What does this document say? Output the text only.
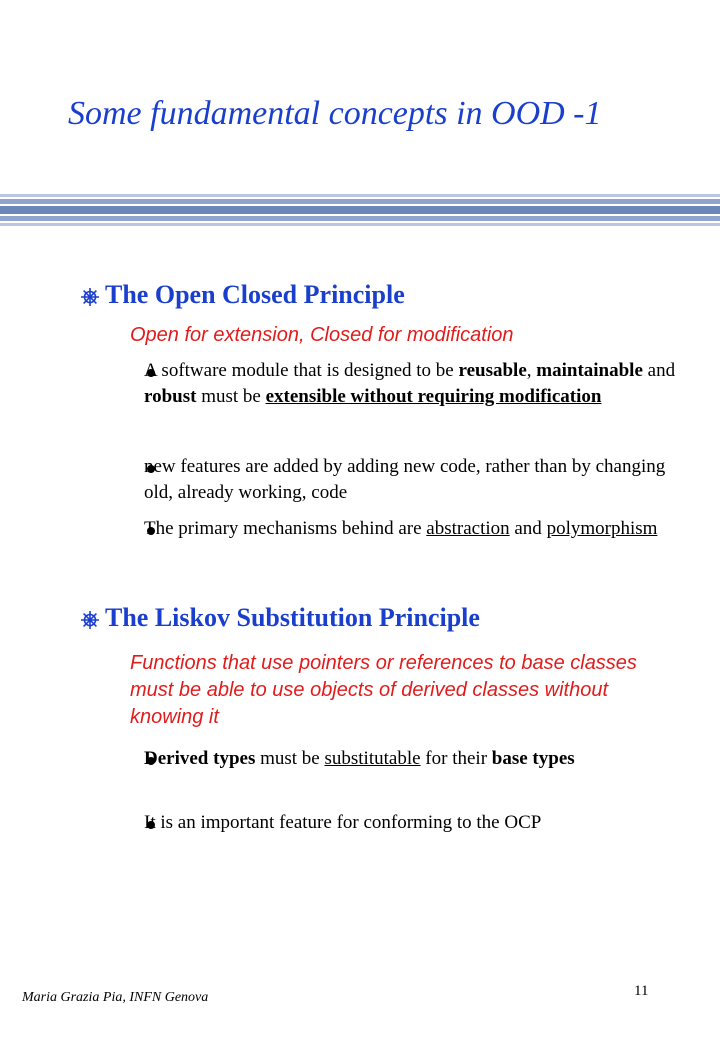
Some fundamental concepts in OOD -1
The Open Closed Principle
Open for extension, Closed for modification
A software module that is designed to be reusable, maintainable and robust must be extensible without requiring modification
new features are added by adding new code, rather than by changing old, already working, code
The primary mechanisms behind are abstraction and polymorphism
The Liskov Substitution Principle
Functions that use pointers or references to base classes must be able to use objects of derived classes without knowing it
Derived types must be substitutable for their base types
It is an important feature for conforming to the OCP
Maria Grazia Pia, INFN Genova	11
